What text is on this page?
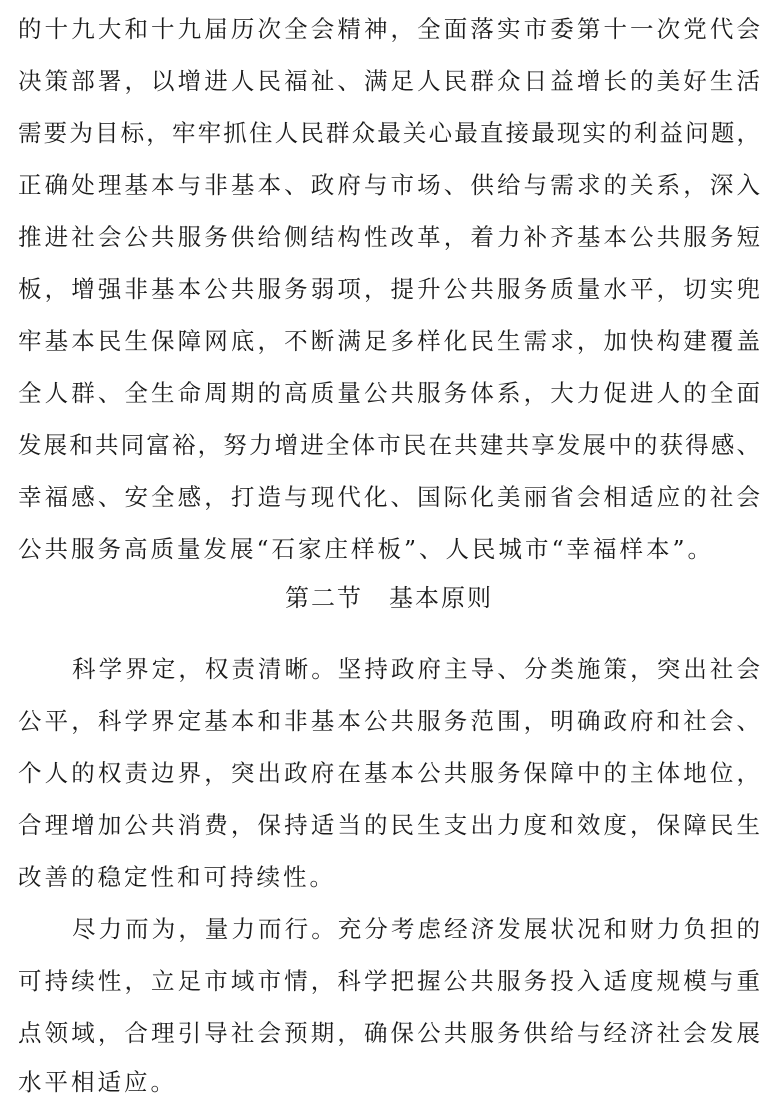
的十九大和十九届历次全会精神，全面落实市委第十一次党代会
决策部署，以增进人民福祉、满足人民群众日益增长的美好生活
需要为目标，牢牢抓住人民群众最关心最直接最现实的利益问题，
正确处理基本与非基本、政府与市场、供给与需求的关系，深入
推进社会公共服务供给侧结构性改革，着力补齐基本公共服务短
板，增强非基本公共服务弱项，提升公共服务质量水平，切实兜
牢基本民生保障网底，不断满足多样化民生需求，加快构建覆盖
全人群、全生命周期的高质量公共服务体系，大力促进人的全面
发展和共同富裕，努力增进全体市民在共建共享发展中的获得感、
幸福感、安全感，打造与现代化、国际化美丽省会相适应的社会
公共服务高质量发展“石家庄样板”、人民城市“幸福样本”。
第二节 基本原则
科学界定，权责清晰。坚持政府主导、分类施策，突出社会
公平，科学界定基本和非基本公共服务范围，明确政府和社会、
个人的权责边界，突出政府在基本公共服务保障中的主体地位，
合理增加公共消费，保持适当的民生支出力度和效度，保障民生
改善的稳定性和可持续性。
尽力而为，量力而行。充分考虑经济发展状况和财力负担的
可持续性，立足市域市情，科学把握公共服务投入适度规模与重
点领域，合理引导社会预期，确保公共服务供给与经济社会发展
水平相适应。
